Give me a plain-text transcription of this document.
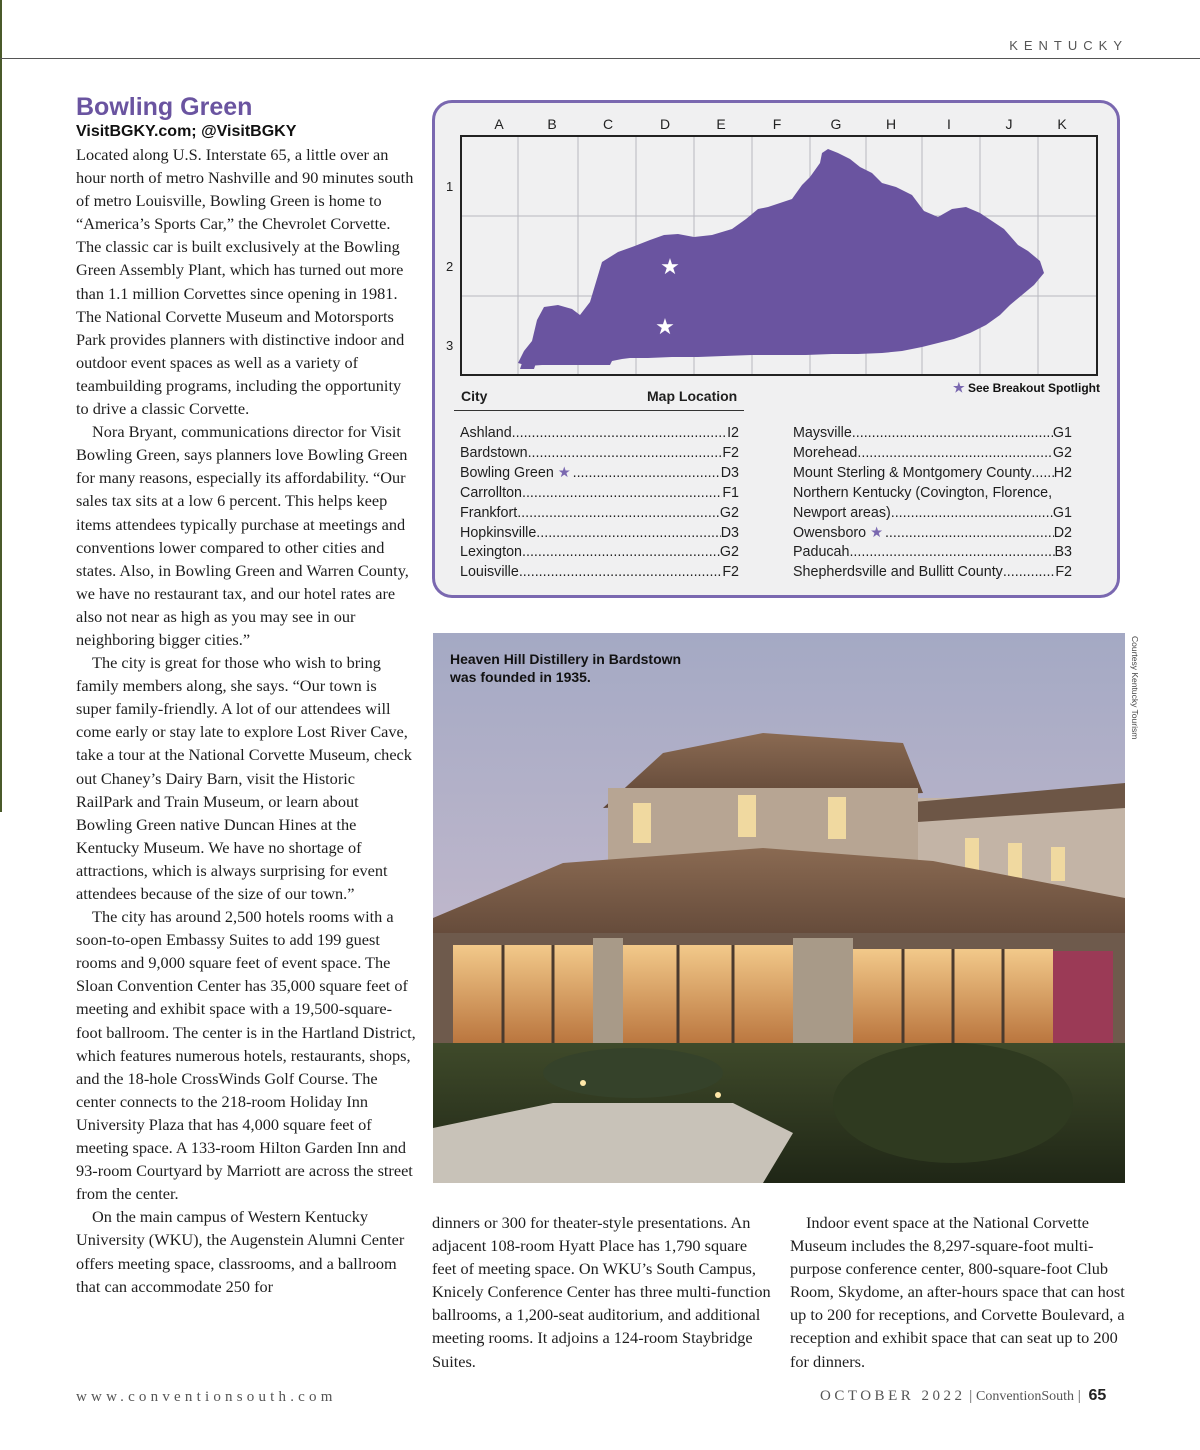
KENTUCKY
Bowling Green
VisitBGKY.com; @VisitBGKY

Located along U.S. Interstate 65, a little over an hour north of metro Nashville and 90 minutes south of metro Louisville, Bowling Green is home to “America’s Sports Car,” the Chevrolet Corvette. The classic car is built exclusively at the Bowling Green Assembly Plant, which has turned out more than 1.1 million Corvettes since opening in 1981. The National Corvette Museum and Motorsports Park provides planners with distinctive indoor and outdoor event spaces as well as a variety of teambuilding programs, including the opportunity to drive a classic Corvette.

Nora Bryant, communications director for Visit Bowling Green, says planners love Bowling Green for many reasons, especially its affordability. “Our sales tax sits at a low 6 percent. This helps keep items attendees typically purchase at meetings and conventions lower compared to other cities and states. Also, in Bowling Green and Warren County, we have no restaurant tax, and our hotel rates are also not near as high as you may see in our neighboring bigger cities.”

The city is great for those who wish to bring family members along, she says. “Our town is super family-friendly. A lot of our attendees will come early or stay late to explore Lost River Cave, take a tour at the National Corvette Museum, check out Chaney’s Dairy Barn, visit the Historic RailPark and Train Museum, or learn about Bowling Green native Duncan Hines at the Kentucky Museum. We have no shortage of attractions, which is always surprising for event attendees because of the size of our town.”

The city has around 2,500 hotels rooms with a soon-to-open Embassy Suites to add 199 guest rooms and 9,000 square feet of event space. The Sloan Convention Center has 35,000 square feet of meeting and exhibit space with a 19,500-square-foot ballroom. The center is in the Hartland District, which features numerous hotels, restaurants, shops, and the 18-hole CrossWinds Golf Course. The center connects to the 218-room Holiday Inn University Plaza that has 4,000 square feet of meeting space. A 133-room Hilton Garden Inn and 93-room Courtyard by Marriott are across the street from the center.

On the main campus of Western Kentucky University (WKU), the Augenstein Alumni Center offers meeting space, classrooms, and a ballroom that can accommodate 250 for

A	B	C	D	E	F	G	H	I	J	K
1
2
3
★
★
★ See Breakout Spotlight
City	Map Location
Ashland .....	I2
Bardstown .....	F2
Bowling Green ★ .....	D3
Carrollton .....	F1
Frankfort .....	G2
Hopkinsville .....	D3
Lexington .....	G2
Louisville .....	F2
Maysville .....	G1
Morehead .....	G2
Mount Sterling & Montgomery County ..... H2
Northern Kentucky (Covington, Florence,
Newport areas) .....	G1
Owensboro ★ .....	D2
Paducah .....	B3
Shepherdsville and Bullitt County .....	F2
Heaven Hill Distillery in Bardstown was founded in 1935.	Courtesy Kentucky Tourism

dinners or 300 for theater-style presentations. An adjacent 108-room Hyatt Place has 1,790 square feet of meeting space. On WKU’s South Campus, Knicely Conference Center has three multi-function ballrooms, a 1,200-seat auditorium, and additional meeting rooms. It adjoins a 124-room Staybridge Suites.

Indoor event space at the National Corvette Museum includes the 8,297-square-foot multi-purpose conference center, 800-square-foot Club Room, Skydome, an after-hours space that can host up to 200 for receptions, and Corvette Boulevard, a reception and exhibit space that can seat up to 200 for dinners.

www.conventionsouth.com	OCTOBER 2022 | ConventionSouth | 65
